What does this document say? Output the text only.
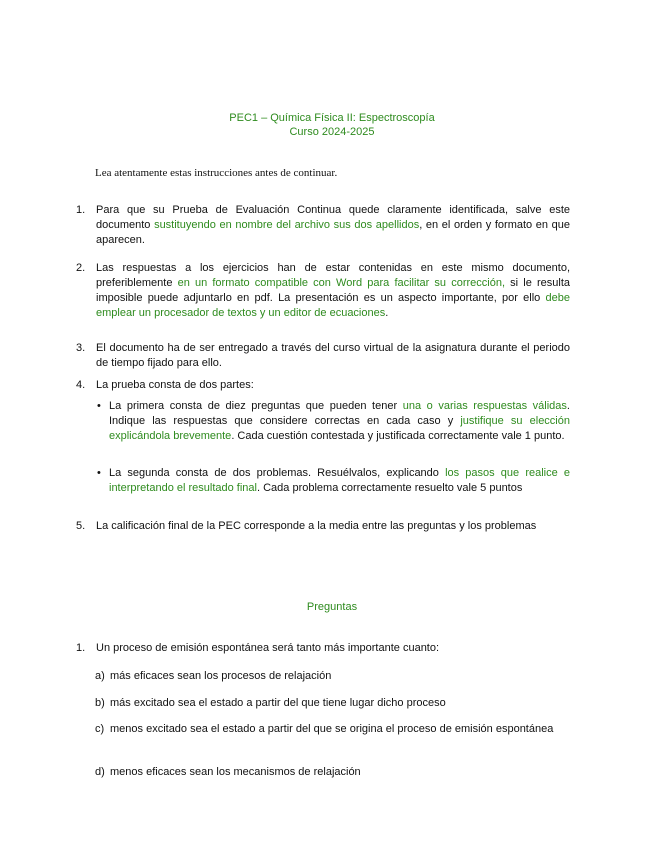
PEC1 – Química Física II: Espectroscopía
Curso 2024-2025
Lea atentamente estas instrucciones antes de continuar.
1. Para que su Prueba de Evaluación Continua quede claramente identificada, salve este documento sustituyendo en nombre del archivo sus dos apellidos, en el orden y formato en que aparecen.
2. Las respuestas a los ejercicios han de estar contenidas en este mismo documento, preferiblemente en un formato compatible con Word para facilitar su corrección, si le resulta imposible puede adjuntarlo en pdf. La presentación es un aspecto importante, por ello debe emplear un procesador de textos y un editor de ecuaciones.
3. El documento ha de ser entregado a través del curso virtual de la asignatura durante el periodo de tiempo fijado para ello.
4. La prueba consta de dos partes:
• La primera consta de diez preguntas que pueden tener una o varias respuestas válidas. Indique las respuestas que considere correctas en cada caso y justifique su elección explicándola brevemente. Cada cuestión contestada y justificada correctamente vale 1 punto.
• La segunda consta de dos problemas. Resuélvalos, explicando los pasos que realice e interpretando el resultado final. Cada problema correctamente resuelto vale 5 puntos
5. La calificación final de la PEC corresponde a la media entre las preguntas y los problemas
Preguntas
1. Un proceso de emisión espontánea será tanto más importante cuanto:
a) más eficaces sean los procesos de relajación
b) más excitado sea el estado a partir del que tiene lugar dicho proceso
c) menos excitado sea el estado a partir del que se origina el proceso de emisión espontánea
d) menos eficaces sean los mecanismos de relajación
